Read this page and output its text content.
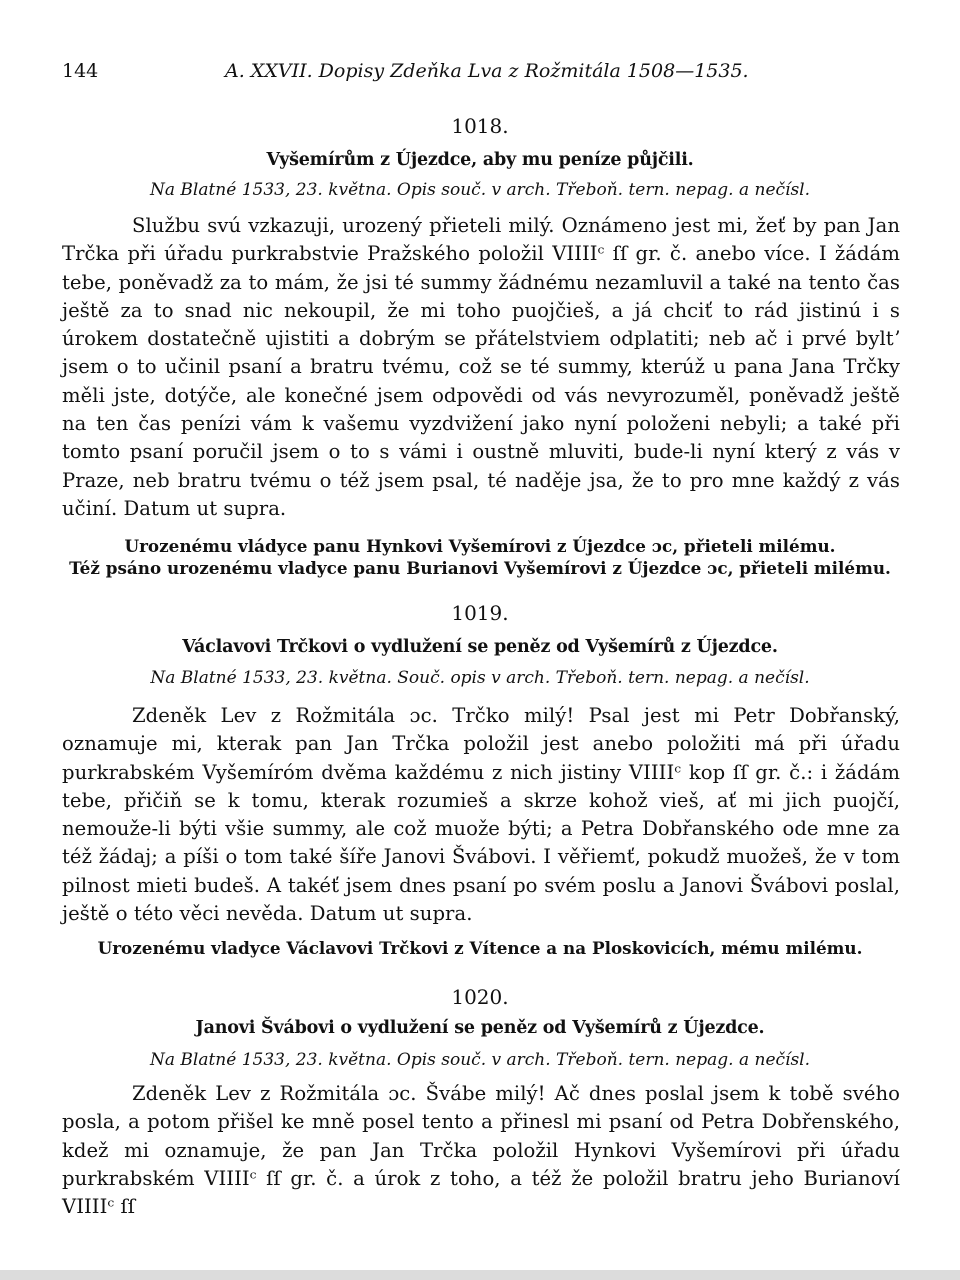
144	A. XXVII. Dopisy Zdeňka Lva z Rožmitála 1508—1535.
1018.
Vyšemírům z Újezdce, aby mu peníze půjčili.
Na Blatné 1533, 23. května. Opis souč. v arch. Třeboň. tern. nepag. a nečísl.

Službu svú vzkazuji, urozený přieteli milý. Oznámeno jest mi, žeť by pan Jan Trčka při úřadu purkrabstvie Pražského položil VIIIIᶜ ſſ gr. č. anebo více. I žádám tebe, poněvadž za to mám, že jsi té summy žádnému nezamluvil a také na tento čas ještě za to snad nic nekoupil, že mi toho puojčieš, a já chciť to rád jistinú i s úrokem dostatečně ujistiti a dobrým se přátelstviem odplatiti; neb ač i prvé byltʼ jsem o to učinil psaní a bratru tvému, což se té summy, kterúž u pana Jana Trčky měli jste, dotýče, ale konečné jsem odpovědi od vás nevyrozuměl, poněvadž ještě na ten čas penízi vám k vašemu vyzdvižení jako nyní položeni nebyli; a také při tomto psaní poručil jsem o to s vámi i oustně mluviti, bude-li nyní který z vás v Praze, neb bratru tvému o též jsem psal, té naděje jsa, že to pro mne každý z vás učiní. Datum ut supra.

Urozenému vládyce panu Hynkovi Vyšemírovi z Újezdce ɔc, přieteli milému.
Též psáno urozenému vladyce panu Burianovi Vyšemírovi z Újezdce ɔc, přieteli milému.
1019.
Václavovi Trčkovi o vydlužení se peněz od Vyšemírů z Újezdce.
Na Blatné 1533, 23. května. Souč. opis v arch. Třeboň. tern. nepag. a nečísl.

Zdeněk Lev z Rožmitála ɔc. Trčko milý! Psal jest mi Petr Dobřanský, oznamuje mi, kterak pan Jan Trčka položil jest anebo položiti má při úřadu purkrabském Vyšemíróm dvěma každému z nich jistiny VIIIIᶜ kop ſſ gr. č.: i žádám tebe, přičiň se k tomu, kterak rozumieš a skrze kohož vieš, ať mi jich puojčí, nemouže-li býti všie summy, ale což muože býti; a Petra Dobřanského ode mne za též žádaj; a píši o tom také šíře Janovi Švábovi. I věřiemť, pokudž muožeš, že v tom pilnost mieti budeš. A takéť jsem dnes psaní po svém poslu a Janovi Švábovi poslal, ještě o této věci nevěda. Datum ut supra.

Urozenému vladyce Václavovi Trčkovi z Vítence a na Ploskovicích, mému milému.
1020.
Janovi Švábovi o vydlužení se peněz od Vyšemírů z Újezdce.
Na Blatné 1533, 23. května. Opis souč. v arch. Třeboň. tern. nepag. a nečísl.

Zdeněk Lev z Rožmitála ɔc. Švábe milý! Ač dnes poslal jsem k tobě svého posla, a potom přišel ke mně posel tento a přinesl mi psaní od Petra Dobřenského, kdež mi oznamuje, že pan Jan Trčka položil Hynkovi Vyšemírovi při úřadu purkrabském VIIIIᶜ ſſ gr. č. a úrok z toho, a též že položil bratru jeho Burianoví VIIIIᶜ ſſ
